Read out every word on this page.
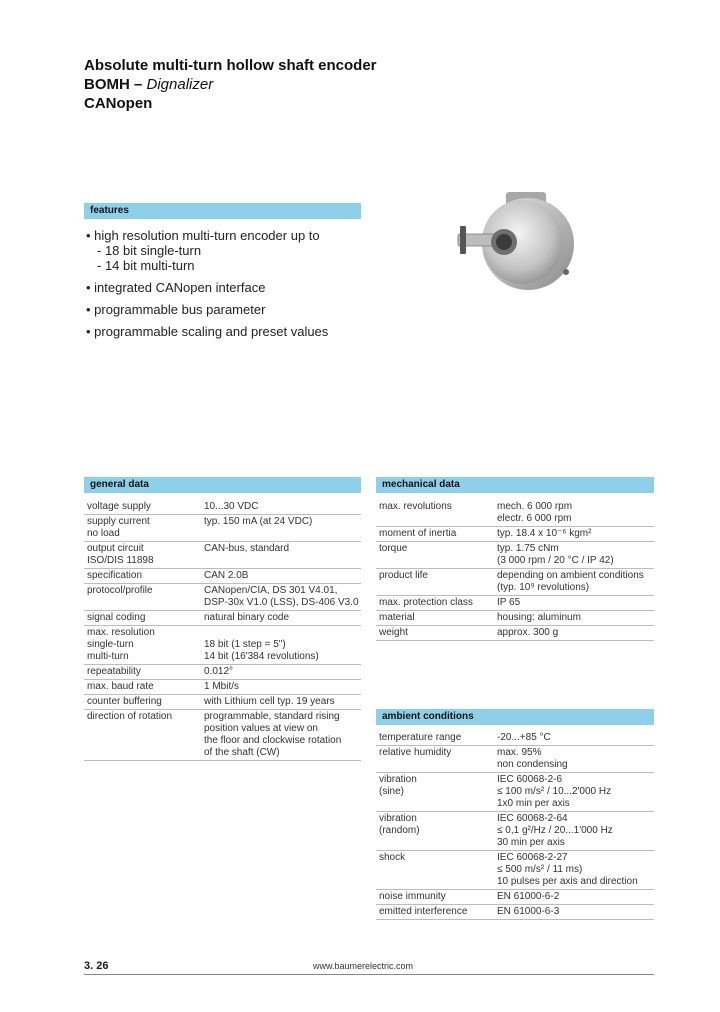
Absolute multi-turn hollow shaft encoder
BOMH – Dignalizer
CANopen
features
• high resolution multi-turn encoder up to
- 18 bit single-turn
- 14 bit multi-turn
• integrated CANopen interface
• programmable bus parameter
• programmable scaling and preset values
general data
voltage supply	10...30 VDC

supply current
no load	typ. 150 mA (at 24 VDC)

output circuit
ISO/DIS 11898	CAN-bus, standard

specification	CAN 2.0B

protocol/profile	CANopen/CIA, DS 301 V4.01,
DSP-30x V1.0 (LSS), DS-406 V3.0

signal coding	natural binary code

max. resolution
single-turn
multi-turn	18 bit (1 step = 5")
14 bit (16'384 revolutions)

repeatability	0.012°

max. baud rate	1 Mbit/s

counter buffering	with Lithium cell typ. 19 years

direction of rotation	programmable, standard rising
position values at view on
the floor and clockwise rotation
of the shaft (CW)
mechanical data
max. revolutions	mech. 6 000 rpm
electr. 6 000 rpm

moment of inertia	typ. 18.4 x 10⁻⁶ kgm²

torque	typ. 1.75 cNm
(3 000 rpm / 20 °C / IP 42)

product life	depending on ambient conditions
(typ. 10⁹ revolutions)

max. protection class	IP 65

material	housing: aluminum

weight	approx. 300 g
ambient conditions
temperature range	-20...+85 °C

relative humidity	max. 95%
non condensing

vibration
(sine)	IEC 60068-2-6
≤ 100 m/s² / 10...2'000 Hz
1x0 min per axis

vibration
(random)	IEC 60068-2-64
≤ 0,1 g²/Hz / 20...1'000 Hz
30 min per axis

shock	IEC 60068-2-27
≤ 500 m/s² / 11 ms)
10 pulses per axis and direction

noise immunity	EN 61000-6-2

emitted interference	EN 61000-6-3
3. 26	www.baumerelectric.com
